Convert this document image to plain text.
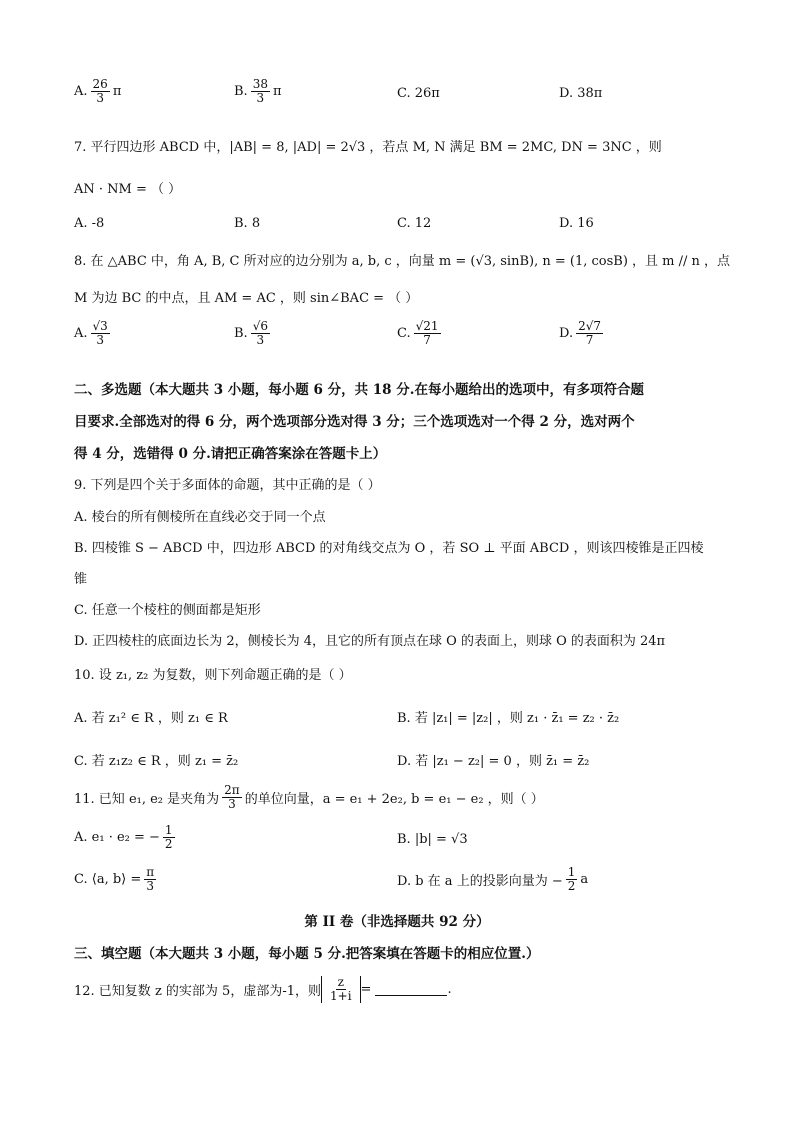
A. $\frac{26}{3}$ π	B. $\frac{38}{3}$ π	C. 26π	D. 38π
7. 平行四边形 ABCD 中，|AB| = 8, |AD| = 2√3 ，若点 M, N 满足 BM = 2MC, DN = 3NC ，则
AN · NM = （ ）
A. -8	B. 8	C. 12	D. 16
8. 在 △ABC 中，角 A, B, C 所对应的边分别为 a, b, c ，向量 m = (√3, sinB), n = (1, cosB) ，且 m // n ，点
M 为边 BC 的中点，且 AM = AC ，则 sin∠BAC = （ ）
A. $\frac{√3}{3}$	B. $\frac{√6}{3}$	C. $\frac{√21}{7}$	D. $\frac{2√7}{7}$
二、多选题（本大题共 3 小题，每小题 6 分，共 18 分.在每小题给出的选项中，有多项符合题
目要求.全部选对的得 6 分，两个选项部分选对得 3 分；三个选项选对一个得 2 分，选对两个
得 4 分，选错得 0 分.请把正确答案涂在答题卡上）
9. 下列是四个关于多面体的命题，其中正确的是（ ）
A. 棱台的所有侧棱所在直线必交于同一个点
B. 四棱锥 S − ABCD 中，四边形 ABCD 的对角线交点为 O ，若 SO ⊥ 平面 ABCD ，则该四棱锥是正四棱
锥
C. 任意一个棱柱的侧面都是矩形
D. 正四棱柱的底面边长为 2，侧棱长为 4，且它的所有顶点在球 O 的表面上，则球 O 的表面积为 24π
10. 设 z₁, z₂ 为复数，则下列命题正确的是（ ）
A. 若 z₁² ∈ R ，则 z₁ ∈ R	B. 若 |z₁| = |z₂| ，则 z₁ · z̄₁ = z₂ · z̄₂
C. 若 z₁z₂ ∈ R ，则 z₁ = z̄₂	D. 若 |z₁ − z₂| = 0 ，则 z̄₁ = z̄₂
11. 已知 e₁, e₂ 是夹角为 $\frac{2\pi}{3}$ 的单位向量，a = e₁ + 2e₂, b = e₁ − e₂ ，则（ ）
A. e₁ · e₂ = − $\frac{1}{2}$	B. |b| = √3
C. ⟨a, b⟩ = $\frac{\pi}{3}$	D. b 在 a 上的投影向量为 − $\frac{1}{2}$ a
第 II 卷（非选择题共 92 分）
三、填空题（本大题共 3 小题，每小题 5 分.把答案填在答题卡的相应位置.）
12. 已知复数 z 的实部为 5，虚部为-1，则 $\frac{z}{1+i}$ =	.
